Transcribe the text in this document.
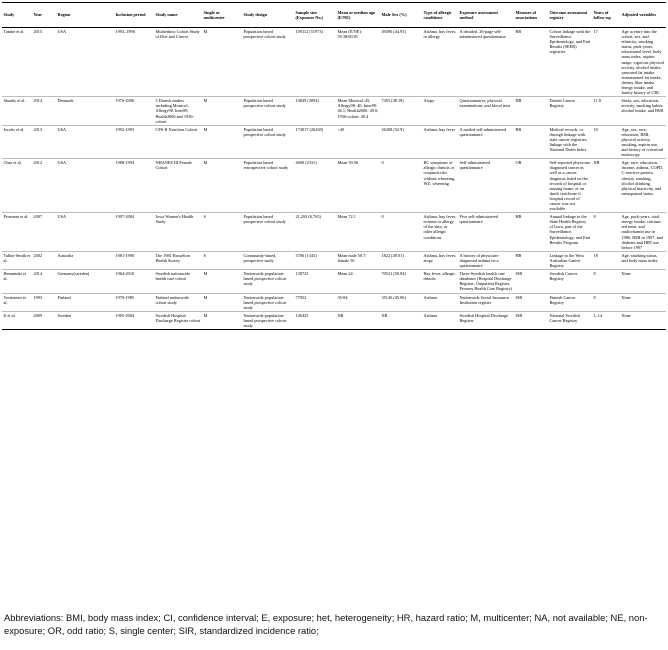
Study	Year	Region	Inclusion period	Study name	Single or multicenter	Study design	Sample size (Exposure No.)	Mean or median age (E/NE)	Male Sex (%)	Type of allergic conditions	Exposure assessment method	Measure of associations	Outcome assessment registry	Years of follow-up	Adjusted variables
Tambe et al.	2015	USA	1993–1996	Multiethnic Cohort Study of Diet and Cancer	M	Population based prospective cohort study	109112 (51973)	Mean (E/NE): 59.38/60.81	49496 (44.95)	Asthma, hay fever, or allergy	A detailed, 26-page self-administered questionnaire	RR	Cohort linkage with the Surveillance, Epidemiology, and End Results (SEER) registries	17	Age at entry into the cohort, sex, and ethnicity, smoking status, pack-years, educational level, body mass index, aspirin usage, vigorous physical activity, alcohol intake, saturated fat intake, nonsaturated fat intake, dietary fiber intake, energy intake, and family history of CRC
Skaaby et al.	2014	Denmark	1976-2006	5 Danish studies including Monica1, Allergy98, Inter99, Health2006 and 1936-cohort	M	Population based prospective cohort study	14849 (3094)	Mean Monica1:45; Allergy98: 40; Inter99: 46.1; Health2006: 49.0; 1936-cohort: 40.4	7455 (48.18)	Atopy	Questionnaires, physical examinations, and blood tests	HR	Danish Cancer Registry	11.8	Study, sex, education, activity, smoking habits, alcohol intake, and BMI
Jacobs et al.	2013	USA	1992-1993	CPS-II Nutrition Cohort	M	Population based prospective cohort study	174917 (26238)	>40	26208 (52.9)	Asthma, hay fever	A mailed self-administered questionnaire	RR	Medical records, or through linkage with state cancer registries, linkage with the National Death Index	10	Age, sex, race, education, BMI, physical activity, smoking, aspirin use, and history of colorectal endoscopy
Chae et al.	2012	USA	1988-1994	NHANES III Female Cohort	M	Population based retrospective cohort study	4600 (2331)	Mean 59.56	0	RC symptoms of allergic rhinitis or conjunctivitis without wheezing, WZ: wheezing	Self-administered questionnaire	OR	Self-reported physician diagnosed cancer as well as a cancer diagnosis listed on the records of hospital or nursing home, or on death certificate if hospital record of cancer was not available	NR	Age, race, education, income, asthma, COPD, C-reactive protein, obesity, smoking, alcohol drinking, physical inactivity, and menopausal status.
Prizment et al.	2007	USA	1997-2004	Iowa Women's Health Study	S	Population based prospective cohort study	21,292 (6,765)	Mean 72.1	0	Asthma, hay fever, eczema or allergy of the skin, or other allergic conditions	Five self-administered questionnaire	HR	Annual linkage to the State Health Registry of Iowa, part of the Surveillance, Epidemiology, and End Results Program	8	Age, pack-years, total energy intake, calcium, red meat, and multivitamin use in 1986, BMI in 1997, and diabetes and HRT use before 1997
Talbot-Smith et al.	2002	Australia	1981-1990	The 1981 Busselton Health Survey	S	Community-based, prospective study	3706 (1343)	Mean male 50.7; female 50	1822 (49.01)	Asthma, hay fever, atopy	A history of physician-diagnosed asthma on a questionnaire	HR	Linkage to the West Australian Cancer Registry	18	Age, smoking status, and body mass index
Hemminki et al.	2014	Germany(sweden)	1964-2010	Swedish nationwide health care cohort	M	Nationwide population-based prospective cohort study	138723	Mean 24	70521 (50.84)	Hay fever, allergic rhinitis	Three Swedish health care databases (Hospital Discharge Register, Outpatient Register, Primary Health Care Registry)	SIR	Swedish Cancer Registry	8	None
Vesterinen et al.	1993	Finland	1970-1985	Finland nationwide cohort study	M	Nationwide population-based prospective cohort study	77952	35-84	35126 (45.06)	Asthma	Nationwide Social Insurance Institution register	SIR	Finnish Cancer Registry	8	None
Ji et al.	2009	Sweden	1965-2004	Swedish Hospital Discharge Register cohort	M	Nationwide population-based prospective cohort study	140425	NR	NR	Asthma	Swedish Hospital Discharge Register	SIR	National Swedish Cancer Registry	1–14	None
Abbreviations: BMI, body mass index; CI, confidence interval; E, exposure; het, heterogeneity; HR, hazard ratio; M, multicenter; NA, not available; NE, non-exposure; OR, odd ratio; S, single center; SIR, standardized incidence ratio;
